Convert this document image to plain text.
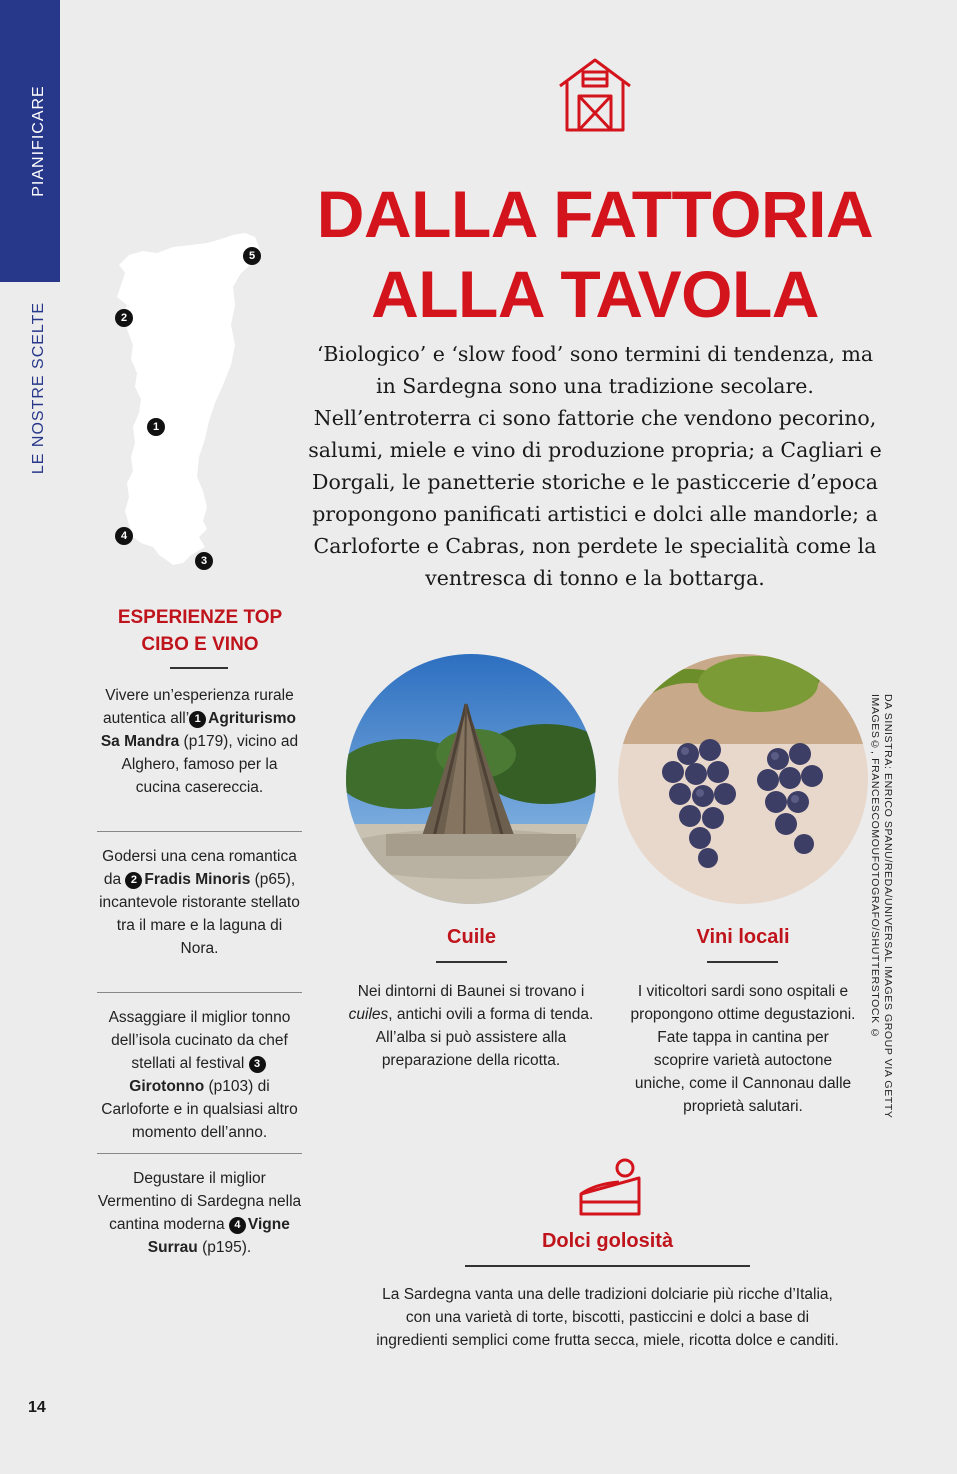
PIANIFICARE
LE NOSTRE SCELTE
5
2
1
4
3
ESPERIENZE TOP
CIBO E VINO
Vivere un’esperienza rurale autentica all’ 1 Agriturismo Sa Mandra (p179), vicino ad Alghero, famoso per la cucina casereccia.
Godersi una cena romantica da 2 Fradis Minoris (p65), incantevole ristorante stellato tra il mare e la laguna di Nora.
Assaggiare il miglior tonno dell’isola cucinato da chef stellati al festival 3Girotonno (p103) di Carloforte e in qualsiasi altro momento dell’anno.
Degustare il miglior Vermentino di Sardegna nella cantina moderna 4 Vigne Surrau (p195).
DALLA FATTORIA
ALLA TAVOLA
‘Biologico’ e ‘slow food’ sono termini di tendenza, ma in Sardegna sono una tradizione secolare. Nell’entroterra ci sono fattorie che vendono pecorino, salumi, miele e vino di produzione propria; a Cagliari e Dorgali, le panetterie storiche e le pasticcerie d’epoca propongono panificati artistici e dolci alle mandorle; a Carloforte e Cabras, non perdete le specialità come la ventresca di tonno e la bottarga.
DA SINISTRA: ENRICO SPANU/REDA/UNIVERSAL IMAGES GROUP VIA GETTY IMAGES©, FRANCESCOMOUFOTOGRAFO/SHUTTERSTOCK ©
Cuile
Nei dintorni di Baunei si trovano i cuiles, antichi ovili a forma di tenda. All’alba si può assistere alla preparazione della ricotta.
Vini locali
I viticoltori sardi sono ospitali e propongono ottime degustazioni. Fate tappa in cantina per scoprire varietà autoctone uniche, come il Cannonau dalle proprietà salutari.
Dolci golosità
La Sardegna vanta una delle tradizioni dolciarie più ricche d’Italia, con una varietà di torte, biscotti, pasticcini e dolci a base di ingredienti semplici come frutta secca, miele, ricotta dolce e canditi.
14
